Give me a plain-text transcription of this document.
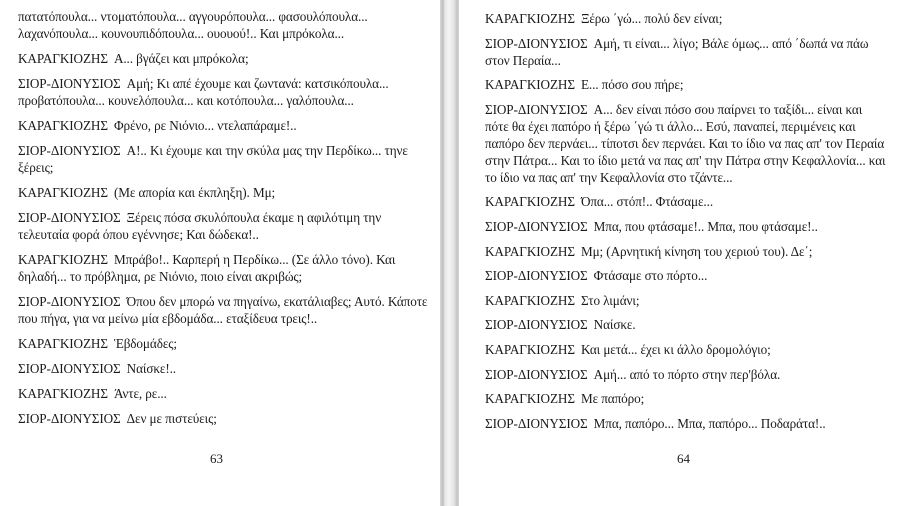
πατατόπουλα... ντοματόπουλα... αγγουρόπουλα... φασουλόπουλα... λαχανόπουλα... κουνουπιδόπουλα... ουουού!.. Και μπρόκολα...
ΚΑΡΑΓΚΙΟΖΗΣ Α... βγάζει και μπρόκολα;
ΣΙΟΡ-ΔΙΟΝΥΣΙΟΣ Αμή; Κι απέ έχουμε και ζωντανά: κατσικόπουλα... προβατόπουλα... κουνελόπουλα... και κοτόπουλα... γαλόπουλα...
ΚΑΡΑΓΚΙΟΖΗΣ Φρένο, ρε Νιόνιο... ντελαπάραμε!..
ΣΙΟΡ-ΔΙΟΝΥΣΙΟΣ Α!.. Κι έχουμε και την σκύλα μας την Περδίκω... τηνε ξέρεις;
ΚΑΡΑΓΚΙΟΖΗΣ (Με απορία και έκπληξη). Μμ;
ΣΙΟΡ-ΔΙΟΝΥΣΙΟΣ Ξέρεις πόσα σκυλόπουλα έκαμε η αφιλότιμη την τελευταία φορά όπου εγέννησε; Και δώδεκα!..
ΚΑΡΑΓΚΙΟΖΗΣ Μπράβο!.. Καρπερή η Περδίκω... (Σε άλλο τόνο). Και δηλαδή... το πρόβλημα, ρε Νιόνιο, ποιο είναι ακριβώς;
ΣΙΟΡ-ΔΙΟΝΥΣΙΟΣ Όπου δεν μπορώ να πηγαίνω, εκατάλιαβες; Αυτό. Κάποτε που πήγα, για να μείνω μία εβδομάδα... εταξίδευα τρεις!..
ΚΑΡΑΓΚΙΟΖΗΣ Ἑβδομάδες;
ΣΙΟΡ-ΔΙΟΝΥΣΙΟΣ Ναίσκε!..
ΚΑΡΑΓΚΙΟΖΗΣ Άντε, ρε...
ΣΙΟΡ-ΔΙΟΝΥΣΙΟΣ Δεν με πιστεύεις;
63
ΚΑΡΑΓΚΙΟΖΗΣ Ξέρω ΄γώ... πολύ δεν είναι;
ΣΙΟΡ-ΔΙΟΝΥΣΙΟΣ Αμή, τι είναι... λίγο; Βάλε όμως... από ΄δωπά να πάω στον Περαία...
ΚΑΡΑΓΚΙΟΖΗΣ Ε... πόσο σου πήρε;
ΣΙΟΡ-ΔΙΟΝΥΣΙΟΣ Α... δεν είναι πόσο σου παίρνει το ταξίδι... είναι και πότε θα έχει παπόρο ή ξέρω ΄γώ τι άλλο... Εσύ, παναπεί, περιμένεις και παπόρο δεν περνάει... τίποτσι δεν περνάει. Και το ίδιο να πας απ' τον Περαία στην Πάτρα... Και το ίδιο μετά να πας απ' την Πάτρα στην Κεφαλλονία... και το ίδιο να πας απ' την Κεφαλλονία στο τζάντε...
ΚΑΡΑΓΚΙΟΖΗΣ Όπα... στόπ!.. Φτάσαμε...
ΣΙΟΡ-ΔΙΟΝΥΣΙΟΣ Μπα, που φτάσαμε!.. Μπα, που φτάσαμε!..
ΚΑΡΑΓΚΙΟΖΗΣ Μμ; (Αρνητική κίνηση του χεριού του). Δε΄;
ΣΙΟΡ-ΔΙΟΝΥΣΙΟΣ Φτάσαμε στο πόρτο...
ΚΑΡΑΓΚΙΟΖΗΣ Στο λιμάνι;
ΣΙΟΡ-ΔΙΟΝΥΣΙΟΣ Ναίσκε.
ΚΑΡΑΓΚΙΟΖΗΣ Και μετά... έχει κι άλλο δρομολόγιο;
ΣΙΟΡ-ΔΙΟΝΥΣΙΟΣ Αμή... από το πόρτο στην περ'βόλα.
ΚΑΡΑΓΚΙΟΖΗΣ Με παπόρο;
ΣΙΟΡ-ΔΙΟΝΥΣΙΟΣ Μπα, παπόρο... Μπα, παπόρο... Ποδαράτα!..
64
